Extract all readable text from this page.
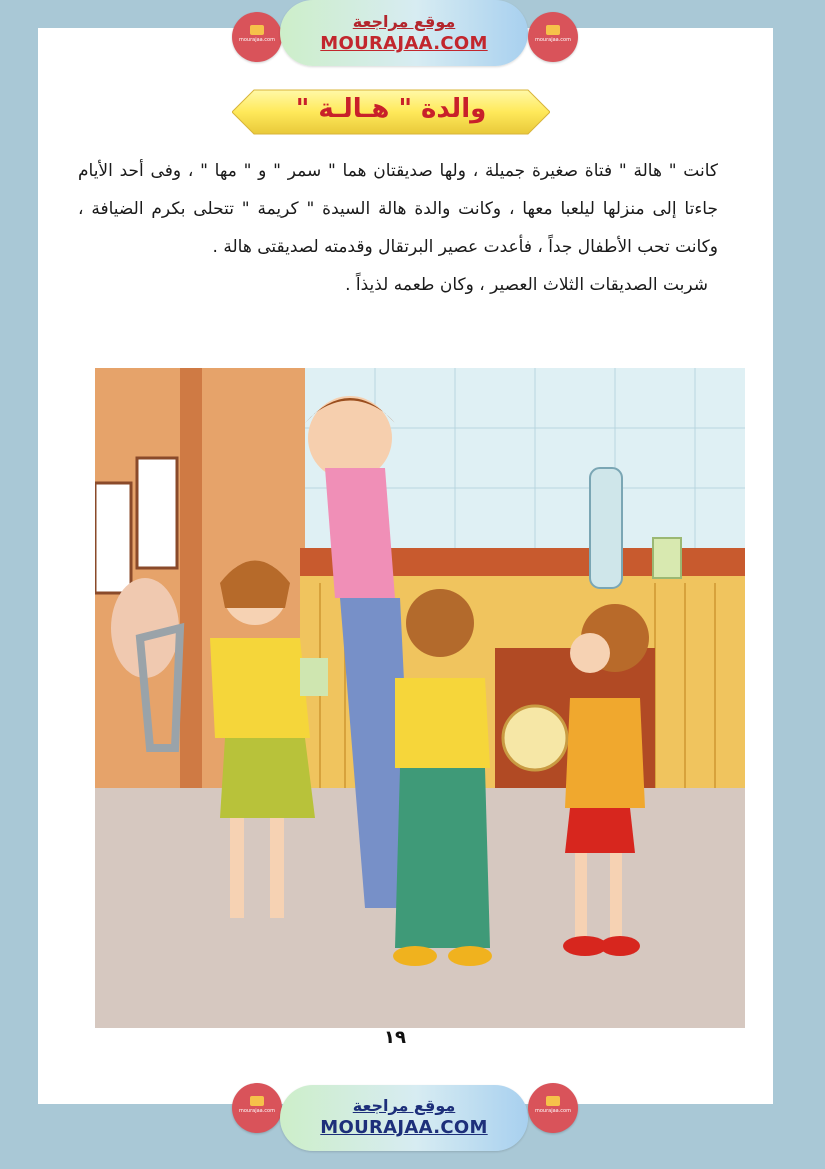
mourajaa.com
موقع مراجعة
MOURAJAA.COM	mourajaa.com
والدة " هـالـة "

كانت " هالة " فتاة صغيرة جميلة ، ولها صديقتان هما " سمر " و " مها " ، وفى أحد الأيام جاءتا إلى منزلها ليلعبا معها ، وكانت والدة هالة السيدة " كريمة " تتحلى بكرم الضيافة ، وكانت تحب الأطفال جداً ، فأعدت عصير البرتقال وقدمته لصديقتى هالة .

شربت الصديقات الثلاث العصير ، وكان طعمه لذيذاً .

١٩
mourajaa.com	موقع مراجعة
MOURAJAA.COM
mourajaa.com
